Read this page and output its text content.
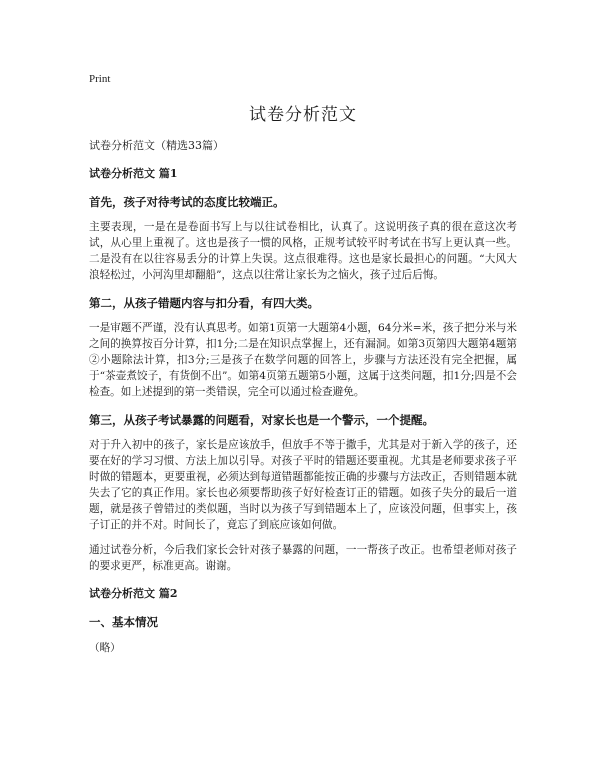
Print
试卷分析范文
试卷分析范文（精选33篇）
试卷分析范文 篇1
首先，孩子对待考试的态度比较端正。

主要表现，一是在是卷面书写上与以往试卷相比，认真了。这说明孩子真的很在意这次考试，从心里上重视了。这也是孩子一惯的风格，正规考试较平时考试在书写上更认真一些。二是没有在以往容易丢分的计算上失误。这点很难得。这也是家长最担心的问题。“大风大浪轻松过，小河沟里却翻船”，这点以往常让家长为之恼火，孩子过后后悔。

第二，从孩子错题内容与扣分看，有四大类。

一是审题不严谨，没有认真思考。如第1页第一大题第4小题，64分米=米，孩子把分米与米之间的换算按百分计算，扣1分;二是在知识点掌握上，还有漏洞。如第3页第四大题第4题第②小题除法计算，扣3分;三是孩子在数学问题的回答上，步骤与方法还没有完全把握，属于“茶壶煮饺子，有货倒不出”。如第4页第五题第5小题，这属于这类问题，扣1分;四是不会检查。如上述提到的第一类错误，完全可以通过检查避免。

第三，从孩子考试暴露的问题看，对家长也是一个警示，一个提醒。

对于升入初中的孩子，家长是应该放手，但放手不等于撒手，尤其是对于新入学的孩子，还要在好的学习习惯、方法上加以引导。对孩子平时的错题还要重视。尤其是老师要求孩子平时做的错题本，更要重视，必须达到每道错题都能按正确的步骤与方法改正，否则错题本就失去了它的真正作用。家长也必须要帮助孩子好好检查订正的错题。如孩子失分的最后一道题，就是孩子曾错过的类似题，当时以为孩子写到错题本上了，应该没问题，但事实上，孩子订正的并不对。时间长了，竟忘了到底应该如何做。

通过试卷分析，今后我们家长会针对孩子暴露的问题，一一帮孩子改正。也希望老师对孩子的要求更严，标准更高。谢谢。

试卷分析范文 篇2
一、基本情况

（略）
